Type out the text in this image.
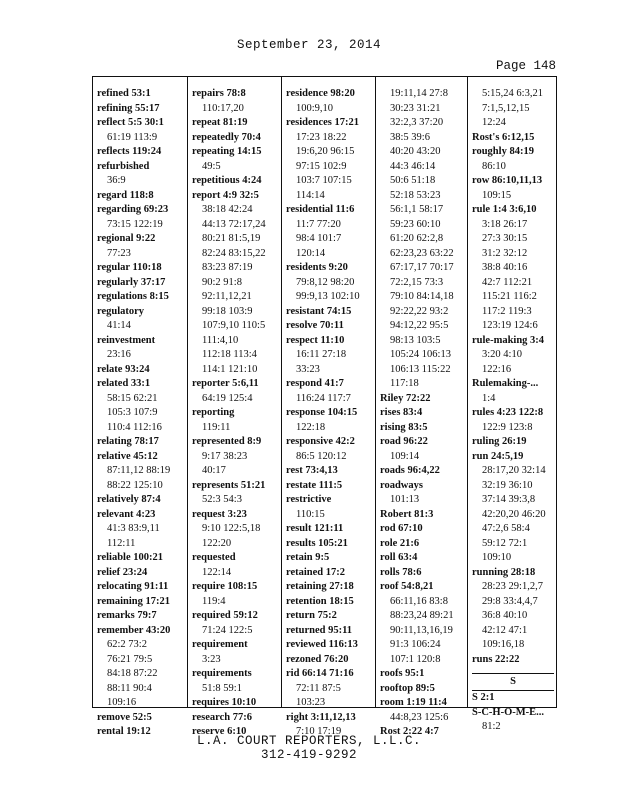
September 23, 2014
Page 148
refined 53:1
refining 55:17
reflect 5:5 30:1
61:19 113:9
reflects 119:24
refurbished
36:9
regard 118:8
regarding 69:23
73:15 122:19
regional 9:22
77:23
regular 110:18
regularly 37:17
regulations 8:15
regulatory
41:14
reinvestment
23:16
relate 93:24
related 33:1
58:15 62:21
105:3 107:9
110:4 112:16
relating 78:17
relative 45:12
87:11,12 88:19
88:22 125:10
relatively 87:4
relevant 4:23
41:3 83:9,11
112:11
reliable 100:21
relief 23:24
relocating 91:11
remaining 17:21
remarks 79:7
remember 43:20
62:2 73:2
76:21 79:5
84:18 87:22
88:11 90:4
109:16
remove 52:5
rental 19:12
repairs 78:8
110:17,20
repeat 81:19
repeatedly 70:4
repeating 14:15
49:5
repetitious 4:24
report 4:9 32:5
38:18 42:24
44:13 72:17,24
80:21 81:5,19
82:24 83:15,22
83:23 87:19
90:2 91:8
92:11,12,21
99:18 103:9
107:9,10 110:5
111:4,10
112:18 113:4
114:1 121:10
reporter 5:6,11
64:19 125:4
reporting
119:11
represented 8:9
9:17 38:23
40:17
represents 51:21
52:3 54:3
request 3:23
9:10 122:5,18
122:20
requested
122:14
require 108:15
119:4
required 59:12
71:24 122:5
requirement
3:23
requirements
51:8 59:1
requires 10:10
research 77:6
reserve 6:10
residence 98:20
100:9,10
residences 17:21
17:23 18:22
19:6,20 96:15
97:15 102:9
103:7 107:15
114:14
residential 11:6
11:7 77:20
98:4 101:7
120:14
residents 9:20
79:8,12 98:20
99:9,13 102:10
resistant 74:15
resolve 70:11
respect 11:10
16:11 27:18
33:23
respond 41:7
116:24 117:7
response 104:15
122:18
responsive 42:2
86:5 120:12
rest 73:4,13
restate 111:5
restrictive
110:15
result 121:11
results 105:21
retain 9:5
retained 17:2
retaining 27:18
retention 18:15
return 75:2
returned 95:11
reviewed 116:13
rezoned 76:20
rid 66:14 71:16
72:11 87:5
103:23
right 3:11,12,13
7:10 17:19
19:11,14 27:8
30:23 31:21
32:2,3 37:20
38:5 39:6
40:20 43:20
44:3 46:14
50:6 51:18
52:18 53:23
56:1,1 58:17
59:23 60:10
61:20 62:2,8
62:23,23 63:22
67:17,17 70:17
72:2,15 73:3
79:10 84:14,18
92:22,22 93:2
94:12,22 95:5
98:13 103:5
105:24 106:13
106:13 115:22
117:18
Riley 72:22
rises 83:4
rising 83:5
road 96:22
109:14
roads 96:4,22
roadways
101:13
Robert 81:3
rod 67:10
role 21:6
roll 63:4
rolls 78:6
roof 54:8,21
66:11,16 83:8
88:23,24 89:21
90:11,13,16,19
91:3 106:24
107:1 120:8
roofs 95:1
rooftop 89:5
room 1:19 11:4
44:8,23 125:6
Rost 2:22 4:7
5:15,24 6:3,21
7:1,5,12,15
12:24
Rost's 6:12,15
roughly 84:19
86:10
row 86:10,11,13
109:15
rule 1:4 3:6,10
3:18 26:17
27:3 30:15
31:2 32:12
38:8 40:16
42:7 112:21
115:21 116:2
117:2 119:3
123:19 124:6
rule-making 3:4
3:20 4:10
122:16
Rulemaking-...
1:4
rules 4:23 122:8
122:9 123:8
ruling 26:19
run 24:5,19
28:17,20 32:14
32:19 36:10
37:14 39:3,8
42:20,20 46:20
47:2,6 58:4
59:12 72:1
109:10
running 28:18
28:23 29:1,2,7
29:8 33:4,4,7
36:8 40:10
42:12 47:1
109:16,18
runs 22:22
S
S 2:1
S-C-H-O-M-E...
81:2
L.A. COURT REPORTERS, L.L.C.
312-419-9292
